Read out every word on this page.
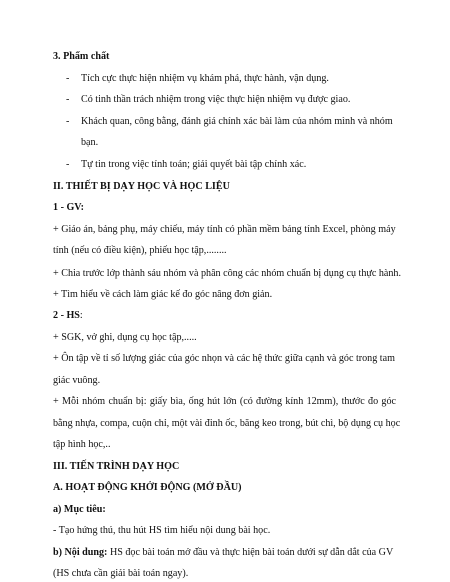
3. Phẩm chất
- Tích cực thực hiện nhiệm vụ khám phá, thực hành, vận dụng.
- Có tinh thần trách nhiệm trong việc thực hiện nhiệm vụ được giao.
- Khách quan, công bằng, đánh giá chính xác bài làm của nhóm mình và nhóm
bạn.
- Tự tin trong việc tính toán; giải quyết bài tập chính xác.
II. THIẾT BỊ DẠY HỌC VÀ HỌC LIỆU
1 - GV:
+ Giáo án, bảng phụ, máy chiếu, máy tính có phần mềm bảng tính Excel, phòng máy
tính (nếu có điều kiện), phiếu học tập,........
+ Chia trước lớp thành sáu nhóm và phân công các nhóm chuẩn bị dụng cụ thực hành.
+ Tìm hiểu về cách làm giác kế đo góc nâng đơn giản.
2 - HS:
+ SGK, vở ghi, dụng cụ học tập,.....
+ Ôn tập về tỉ số lượng giác của góc nhọn và các hệ thức giữa cạnh và góc trong tam
giác vuông.
+ Mỗi nhóm chuẩn bị: giấy bìa, ống hút lớn (có đường kính 12mm), thước đo góc
bằng nhựa, compa, cuộn chỉ, một vài đinh ốc, băng keo trong, bút chì, bộ dụng cụ học
tập hình học,..
III. TIẾN TRÌNH DẠY HỌC
A. HOẠT ĐỘNG KHỞI ĐỘNG (MỞ ĐẦU)
a) Mục tiêu:
- Tạo hứng thú, thu hút HS tìm hiểu nội dung bài học.
b) Nội dung: HS đọc bài toán mở đầu và thực hiện bài toán dưới sự dẫn dắt của GV
(HS chưa cần giải bài toán ngay).
